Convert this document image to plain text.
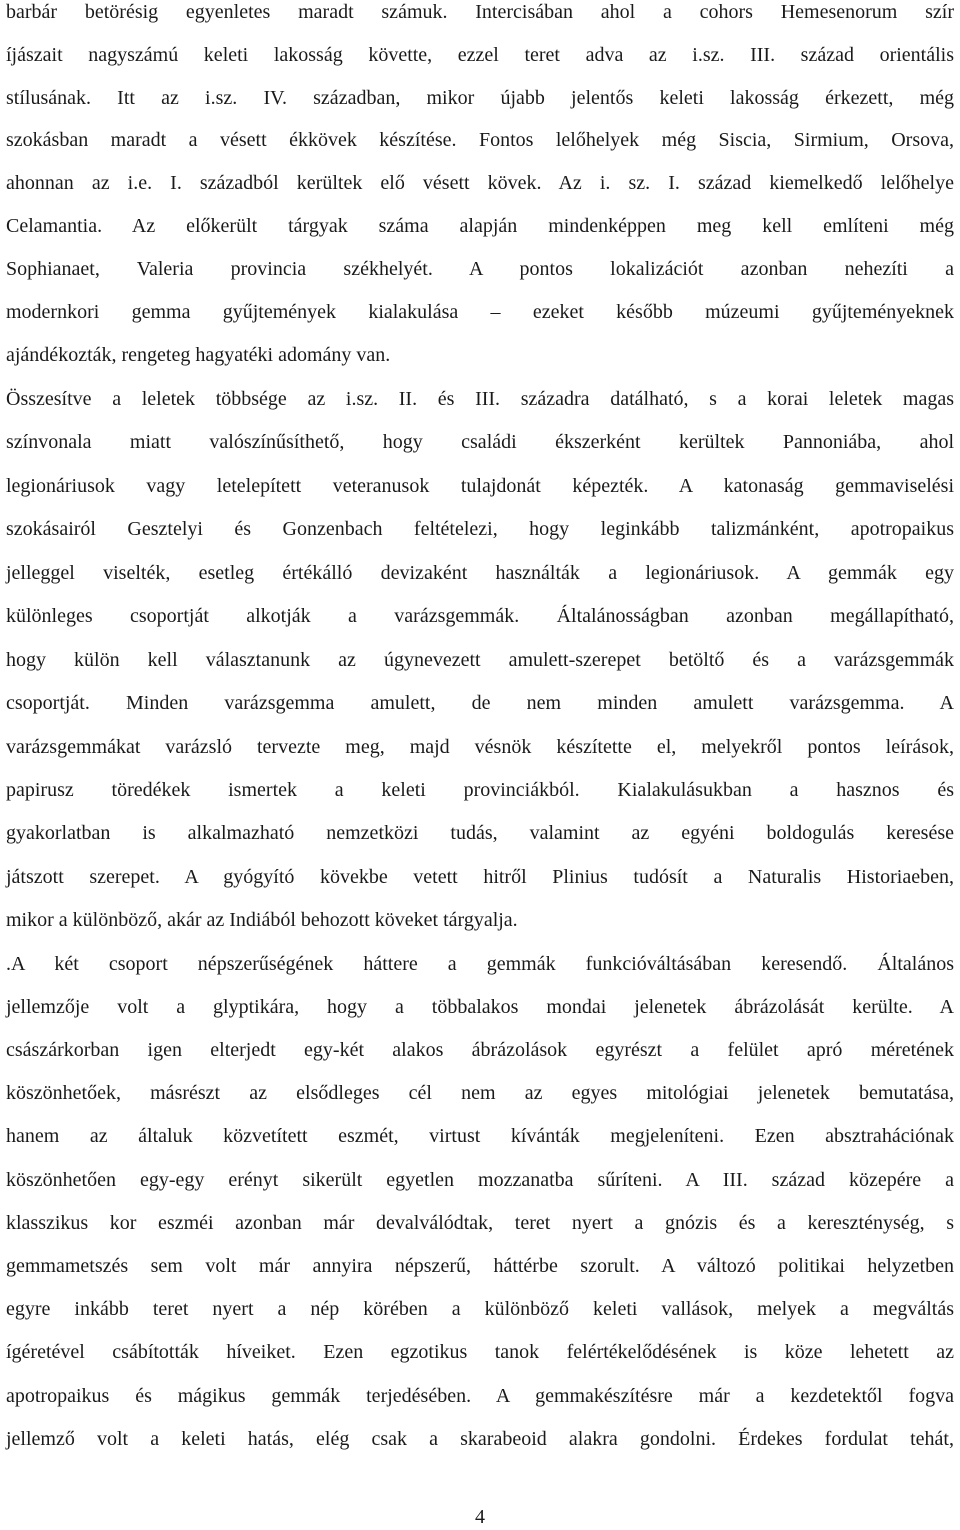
barbár betörésig egyenletes maradt számuk. Intercisában ahol a cohors Hemesenorum szír
íjászait nagyszámú keleti lakosság követte, ezzel teret adva az i.sz. III. század orientális
stílusának. Itt az i.sz. IV. században, mikor újabb jelentős keleti lakosság érkezett, még
szokásban maradt a vésett ékkövek készítése. Fontos lelőhelyek még Siscia, Sirmium, Orsova,
ahonnan az i.e. I. századból kerültek elő vésett kövek. Az i. sz. I. század kiemelkedő lelőhelye
Celamantia. Az előkerült tárgyak száma alapján mindenképpen meg kell említeni még
Sophianaet, Valeria provincia székhelyét. A pontos lokalizációt azonban nehezíti a
modernkori gemma gyűjtemények kialakulása – ezeket később múzeumi gyűjteményeknek
ajándékozták, rengeteg hagyatéki adomány van.
Összesítve a leletek többsége az i.sz. II. és III. századra datálható, s a korai leletek magas
színvonala miatt valószínűsíthető, hogy családi ékszerként kerültek Pannoniába, ahol
legionáriusok vagy letelepített veteranusok tulajdonát képezték. A katonaság gemmaviselési
szokásairól Gesztelyi és Gonzenbach feltételezi, hogy leginkább talizmánként, apotropaikus
jelleggel viselték, esetleg értékálló devizaként használták a legionáriusok. A gemmák egy
különleges csoportját alkotják a varázsgemmák. Általánosságban azonban megállapítható,
hogy külön kell választanunk az úgynevezett amulett-szerepet betöltő és a varázsgemmák
csoportját. Minden varázsgemma amulett, de nem minden amulett varázsgemma. A
varázsgemmákat varázsló tervezte meg, majd vésnök készítette el, melyekről pontos leírások,
papirusz töredékek ismertek a keleti provinciákból. Kialakulásukban a hasznos és
gyakorlatban is alkalmazható nemzetközi tudás, valamint az egyéni boldogulás keresése
játszott szerepet. A gyógyító kövekbe vetett hitről Plinius tudósít a Naturalis Historiaeben,
mikor a különböző, akár az Indiából behozott köveket tárgyalja.
.A két csoport népszerűségének háttere a gemmák funkcióváltásában keresendő. Általános
jellemzője volt a glyptikára, hogy a többalakos mondai jelenetek ábrázolását kerülte. A
császárkorban igen elterjedt egy-két alakos ábrázolások egyrészt a felület apró méretének
köszönhetőek, másrészt az elsődleges cél nem az egyes mitológiai jelenetek bemutatása,
hanem az általuk közvetített eszmét, virtust kívánták megjeleníteni. Ezen absztrahációnak
köszönhetően egy-egy erényt sikerült egyetlen mozzanatba sűríteni. A III. század közepére a
klasszikus kor eszméi azonban már devalválódtak, teret nyert a gnózis és a kereszténység, s
gemmametszés sem volt már annyira népszerű, háttérbe szorult. A változó politikai helyzetben
egyre inkább teret nyert a nép körében a különböző keleti vallások, melyek a megváltás
ígéretével csábították híveiket. Ezen egzotikus tanok felértékelődésének is köze lehetett az
apotropaikus és mágikus gemmák terjedésében. A gemmakészítésre már a kezdetektől fogva
jellemző volt a keleti hatás, elég csak a skarabeoid alakra gondolni. Érdekes fordulat tehát,
4
